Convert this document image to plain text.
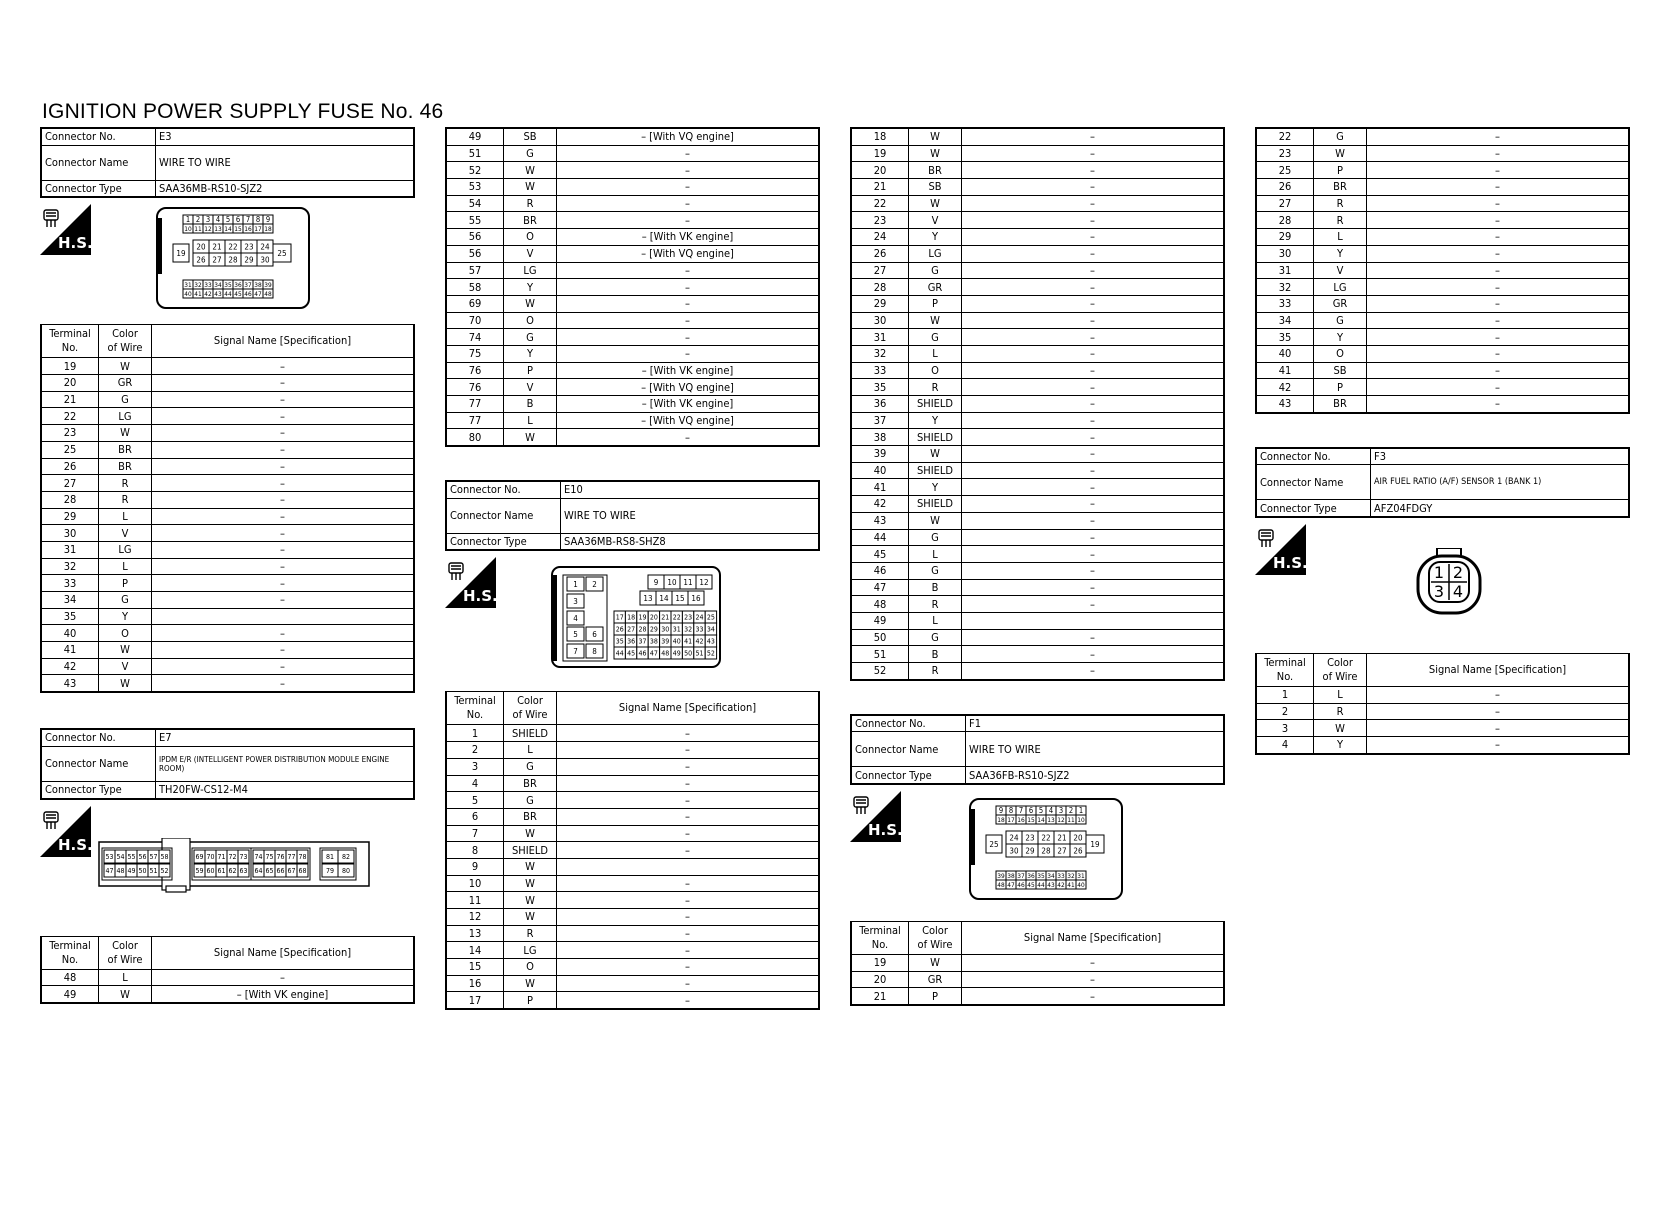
IGNITION POWER SUPPLY FUSE No. 46
Connector No.	E3
Connector Name	WIRE TO WIRE
Connector Type	SAA36MB-RS10-SJZ2
H.S.
1 2 3 4 5 6 7 8 9
10 11 12 13 14 15 16 17 18
19
20 21 22 23 24
26 27 28 29 30
25
31 32 33 34 35 36 37 38 39
40 41 42 43 44 45 46 47 48
Terminal
No.	Color
of Wire	Signal Name [Specification]
19	W	–
20	GR	–
21	G	–
22	LG	–
23	W	–
25	BR	–
26	BR	–
27	R	–
28	R	–
29	L	–
30	V	–
31	LG	–
32	L	–
33	P	–
34	G	–
35	Y	
40	O	–
41	W	–
42	V	–
43	W	–
Connector No.	E7
Connector Name	IPDM E/R (INTELLIGENT POWER DISTRIBUTION MODULE ENGINE ROOM)
Connector Type	TH20FW-CS12-M4
H.S.
53 54 55 56 57 58
47 48 49 50 51 52
69 70 71 72 73
59 60 61 62 63
74 75 76 77 78
64 65 66 67 68
81 82
79 80
Terminal
No.	Color
of Wire	Signal Name [Specification]
48	L	–
49	W	– [With VK engine]
49	SB	– [With VQ engine]
51	G	–
52	W	–
53	W	–
54	R	–
55	BR	–
56	O	– [With VK engine]
56	V	– [With VQ engine]
57	LG	–
58	Y	–
69	W	–
70	O	–
74	G	–
75	Y	–
76	P	– [With VK engine]
76	V	– [With VQ engine]
77	B	– [With VK engine]
77	L	– [With VQ engine]
80	W	–
Connector No.	E10
Connector Name	WIRE TO WIRE
Connector Type	SAA36MB-RS8-SHZ8
H.S.
1 2
3
4
5 6
7 8
9 10 11 12
13 14 15 16
17 18 19 20 21 22 23 24 25
26 27 28 29 30 31 32 33 34
35 36 37 38 39 40 41 42 43
44 45 46 47 48 49 50 51 52
Terminal
No.	Color
of Wire	Signal Name [Specification]
1	SHIELD	–
2	L	–
3	G	–
4	BR	–
5	G	–
6	BR	–
7	W	–
8	SHIELD	–
9	W	
10	W	–
11	W	–
12	W	–
13	R	–
14	LG	–
15	O	–
16	W	–
17	P	–
18	W	–
19	W	–
20	BR	–
21	SB	–
22	W	–
23	V	–
24	Y	–
26	LG	–
27	G	–
28	GR	–
29	P	–
30	W	–
31	G	–
32	L	–
33	O	–
35	R	–
36	SHIELD	–
37	Y	–
38	SHIELD	–
39	W	–
40	SHIELD	–
41	Y	–
42	SHIELD	–
43	W	–
44	G	–
45	L	–
46	G	–
47	B	–
48	R	–
49	L	
50	G	–
51	B	–
52	R	–
Connector No.	F1
Connector Name	WIRE TO WIRE
Connector Type	SAA36FB-RS10-SJZ2
H.S.
9 8 7 6 5 4 3 2 1
18 17 16 15 14 13 12 11 10
25
24 23 22 21 20
30 29 28 27 26
19
39 38 37 36 35 34 33 32 31
48 47 46 45 44 43 42 41 40
Terminal
No.	Color
of Wire	Signal Name [Specification]
19	W	–
20	GR	–
21	P	–
22	G	–
23	W	–
25	P	–
26	BR	–
27	R	–
28	R	–
29	L	–
30	Y	–
31	V	–
32	LG	–
33	GR	–
34	G	–
35	Y	–
40	O	–
41	SB	–
42	P	–
43	BR	–
Connector No.	F3
Connector Name	AIR FUEL RATIO (A/F) SENSOR 1 (BANK 1)
Connector Type	AFZ04FDGY
H.S.	1 2
3 4
Terminal
No.	Color
of Wire	Signal Name [Specification]
1	L	–
2	R	–
3	W	–
4	Y	–
